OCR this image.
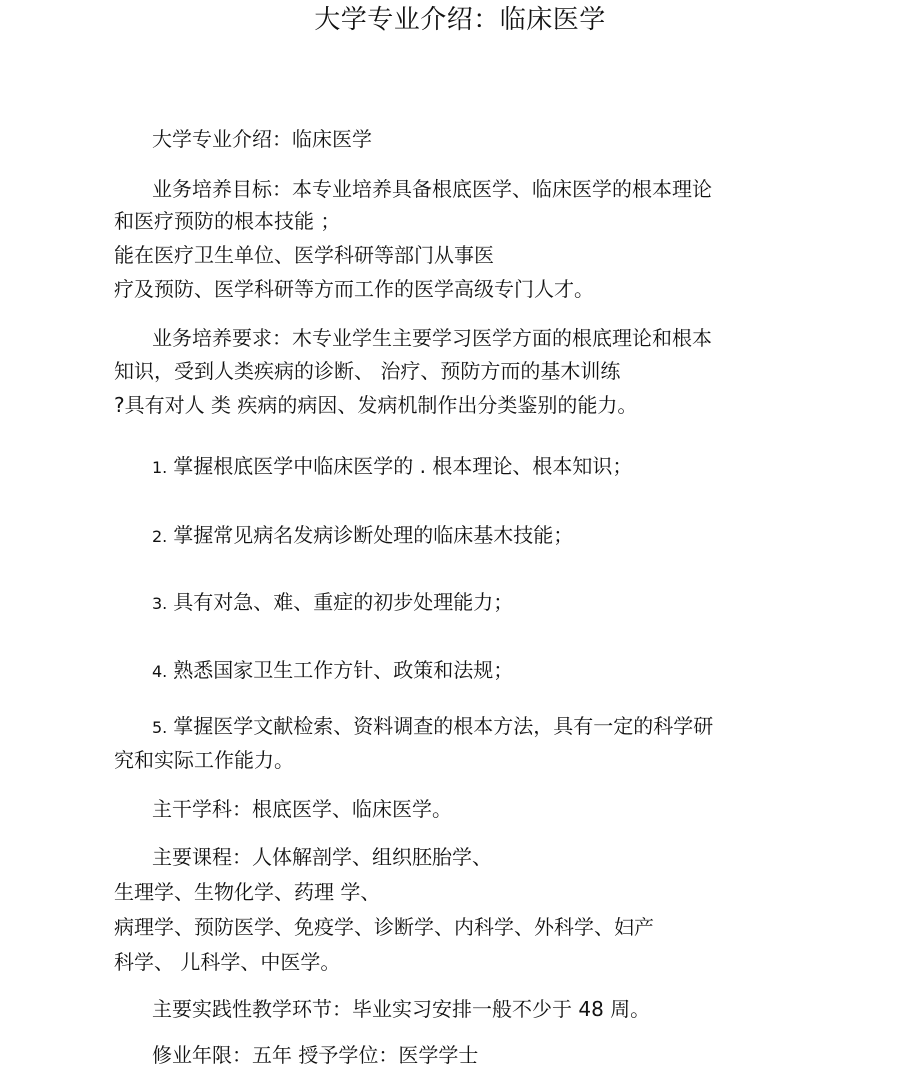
大学专业介绍：临床医学
大学专业介绍：临床医学
业务培养目标：本专业培养具备根底医学、临床医学的根本理论
和医疗预防的根本技能 ；
能在医疗卫生单位、医学科研等部门从事医
疗及预防、医学科研等方而工作的医学高级专门人才。
业务培养要求：木专业学生主要学习医学方面的根底理论和根本
知识，受到人类疾病的诊断、 治疗、预防方而的基木训练
?具有对人 类 疾病的病因、发病机制作出分类鉴别的能力。
1. 掌握根底医学中临床医学的 . 根本理论、根本知识；
2. 掌握常见病名发病诊断处理的临床基木技能；
3. 具有对急、难、重症的初步处理能力；
4. 熟悉国家卫生工作方针、政策和法规；
5. 掌握医学文献检索、资料调查的根本方法，具有一定的科学研
究和实际工作能力。
主干学科：根底医学、临床医学。
主要课程：人体解剖学、组织胚胎学、
生理学、生物化学、药理 学、
病理学、预防医学、免疫学、诊断学、内科学、外科学、妇产
科学、 儿科学、中医学。
主要实践性教学环节：毕业实习安排一般不少于 48 周。
修业年限：五年 授予学位：医学学士
